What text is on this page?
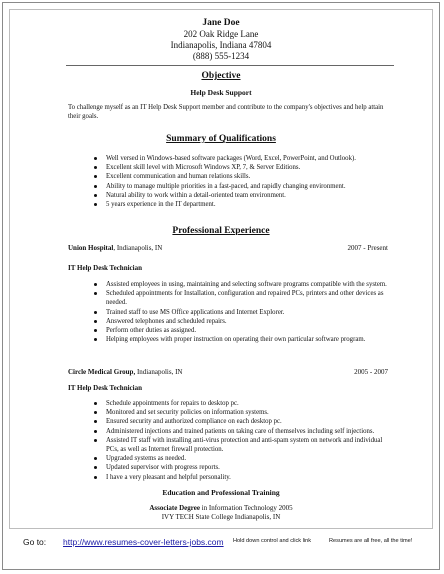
Jane Doe
202 Oak Ridge Lane
Indianapolis, Indiana 47804
(888) 555-1234
Objective
Help Desk Support
To challenge myself as an IT Help Desk Support member and contribute to the company's objectives and help attain their goals.
Summary of Qualifications
Well versed in Windows-based software packages (Word, Excel, PowerPoint, and Outlook).
Excellent skill level with Microsoft Windows XP, 7, & Server Editions.
Excellent communication and human relations skills.
Ability to manage multiple priorities in a fast-paced, and rapidly changing environment.
Natural ability to work within a detail-oriented team environment.
5 years experience in the IT department.
Professional Experience
Union Hospital, Indianapolis, IN	2007 - Present
IT Help Desk Technician
Assisted employees in using, maintaining and selecting software programs compatible with the system.
Scheduled appointments for Installation, configuration and repaired PCs, printers and other devices as needed.
Trained staff to use MS Office applications and Internet Explorer.
Answered telephones and scheduled repairs.
Perform other duties as assigned.
Helping employees with proper instruction on operating their own particular software program.
Circle Medical Group, Indianapolis, IN	2005 - 2007
IT Help Desk Technician
Schedule appointments for repairs to desktop pc.
Monitored and set security policies on information systems.
Ensured security and authorized compliance on each desktop pc.
Administered injections and trained patients on taking care of themselves including self injections.
Assisted IT staff with installing anti-virus protection and anti-spam system on network and individual PCs, as well as Internet firewall protection.
Upgraded systems as needed.
Updated supervisor with progress reports.
I have a very pleasant and helpful personality.
Education and Professional Training
Associate Degree in Information Technology 2005
IVY TECH State College Indianapolis, IN
Go to: http://www.resumes-cover-letters-jobs.com Hold down control and click link	Resumes are all free, all the time!
